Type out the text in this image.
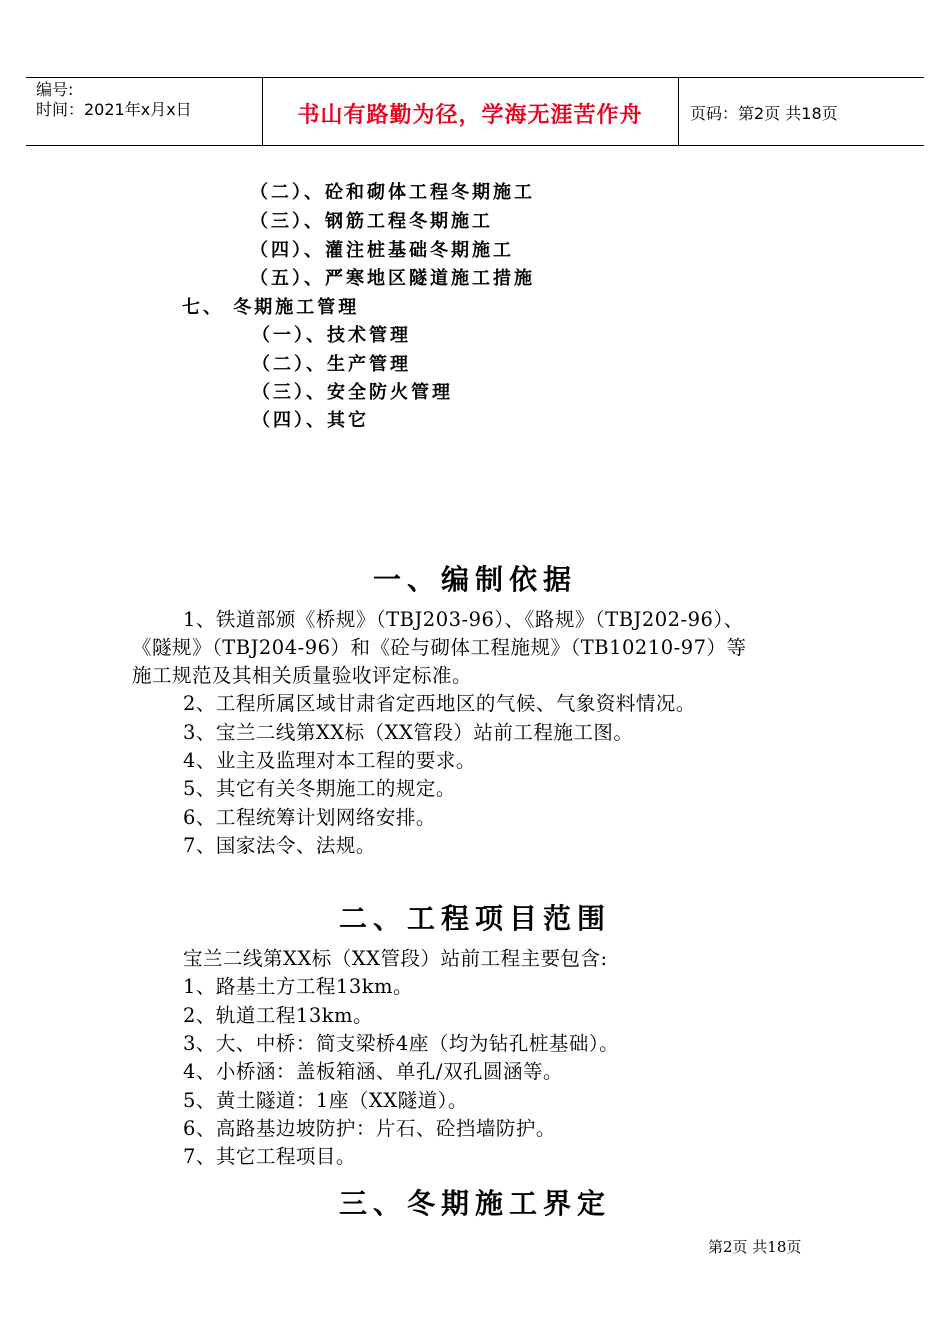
编号:
时间：2021年x月x日	书山有路勤为径，学海无涯苦作舟	页码：第2页 共18页
（二）、砼和砌体工程冬期施工
（三）、钢筋工程冬期施工
（四）、灌注桩基础冬期施工
（五）、严寒地区隧道施工措施
七、 冬期施工管理
（一）、技术管理
（二）、生产管理
（三）、安全防火管理
（四）、其它
一、编制依据
1、铁道部颁《桥规》（TBJ203-96）、《路规》（TBJ202-96）、
《隧规》（TBJ204-96）和《砼与砌体工程施规》（TB10210-97）等
施工规范及其相关质量验收评定标准。
2、工程所属区域甘肃省定西地区的气候、气象资料情况。
3、宝兰二线第XX标（XX管段）站前工程施工图。
4、业主及监理对本工程的要求。
5、其它有关冬期施工的规定。
6、工程统筹计划网络安排。
7、国家法令、法规。
二、工程项目范围
宝兰二线第XX标（XX管段）站前工程主要包含:
1、路基土方工程13km。
2、轨道工程13km。
3、大、中桥：简支梁桥4座（均为钻孔桩基础）。
4、小桥涵：盖板箱涵、单孔/双孔圆涵等。
5、黄土隧道：1座（XX隧道）。
6、高路基边坡防护：片石、砼挡墙防护。
7、其它工程项目。
三、冬期施工界定
第2页 共18页
